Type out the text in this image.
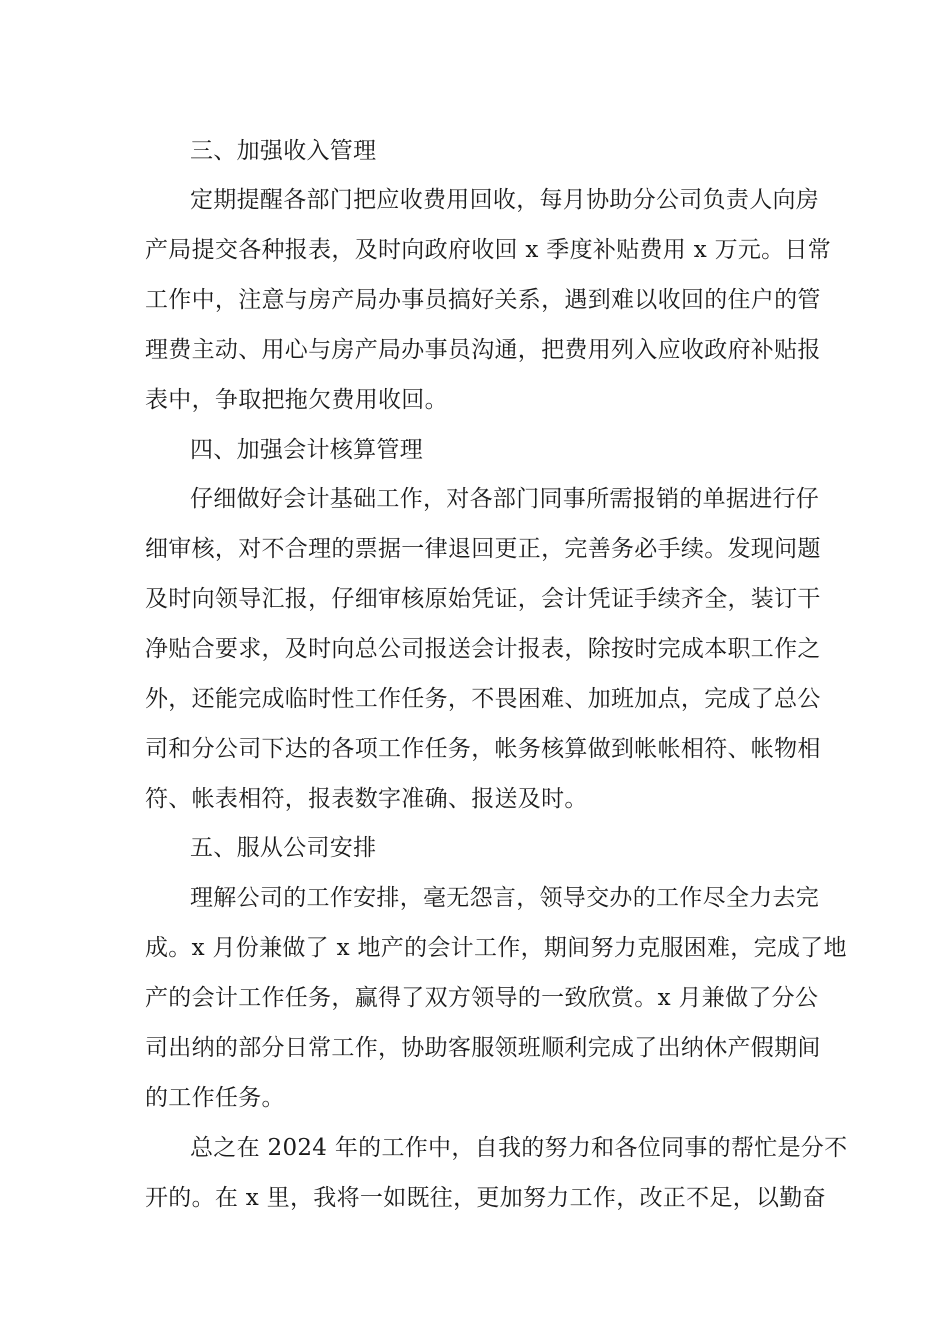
三、加强收入管理
定期提醒各部门把应收费用回收，每月协助分公司负责人向房
产局提交各种报表，及时向政府收回 x 季度补贴费用 x 万元。日常
工作中，注意与房产局办事员搞好关系，遇到难以收回的住户的管
理费主动、用心与房产局办事员沟通，把费用列入应收政府补贴报
表中，争取把拖欠费用收回。
四、加强会计核算管理
仔细做好会计基础工作，对各部门同事所需报销的单据进行仔
细审核，对不合理的票据一律退回更正，完善务必手续。发现问题
及时向领导汇报，仔细审核原始凭证，会计凭证手续齐全，装订干
净贴合要求，及时向总公司报送会计报表，除按时完成本职工作之
外，还能完成临时性工作任务，不畏困难、加班加点，完成了总公
司和分公司下达的各项工作任务，帐务核算做到帐帐相符、帐物相
符、帐表相符，报表数字准确、报送及时。
五、服从公司安排
理解公司的工作安排，毫无怨言，领导交办的工作尽全力去完
成。x 月份兼做了 x 地产的会计工作，期间努力克服困难，完成了地
产的会计工作任务，赢得了双方领导的一致欣赏。x 月兼做了分公
司出纳的部分日常工作，协助客服领班顺利完成了出纳休产假期间
的工作任务。
总之在 2024 年的工作中，自我的努力和各位同事的帮忙是分不
开的。在 x 里，我将一如既往，更加努力工作，改正不足，以勤奋
